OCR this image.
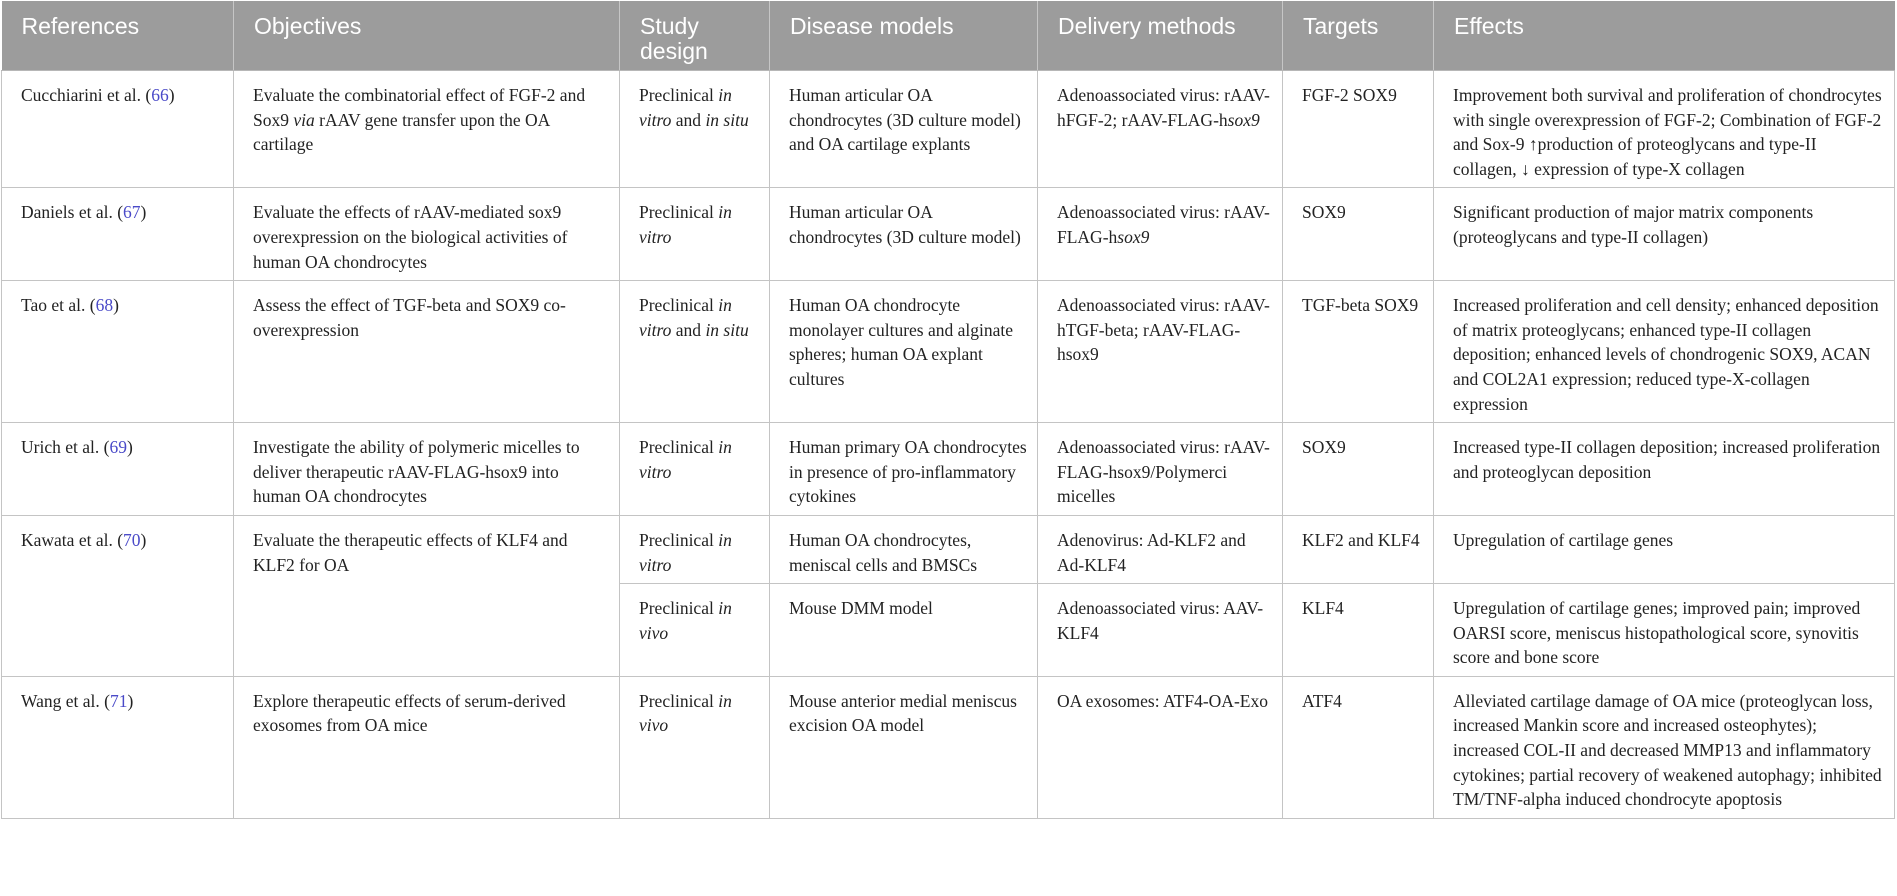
References	Objectives	Study design	Disease models	Delivery methods	Targets	Effects
Cucchiarini et al. (66)	Evaluate the combinatorial effect of FGF-2 and Sox9 via rAAV gene transfer upon the OA cartilage	Preclinical in vitro and in situ	Human articular OA chondrocytes (3D culture model) and OA cartilage explants	Adenoassociated virus: rAAV-hFGF-2; rAAV-FLAG-hsox9	FGF-2 SOX9	Improvement both survival and proliferation of chondrocytes with single overexpression of FGF-2; Combination of FGF-2 and Sox-9 ↑production of proteoglycans and type-II collagen, ↓ expression of type-X collagen
Daniels et al. (67)	Evaluate the effects of rAAV-mediated sox9 overexpression on the biological activities of human OA chondrocytes	Preclinical in vitro	Human articular OA chondrocytes (3D culture model)	Adenoassociated virus: rAAV-FLAG-hsox9	SOX9	Significant production of major matrix components (proteoglycans and type-II collagen)
Tao et al. (68)	Assess the effect of TGF-beta and SOX9 co-overexpression	Preclinical in vitro and in situ	Human OA chondrocyte monolayer cultures and alginate spheres; human OA explant cultures	Adenoassociated virus: rAAV-hTGF-beta; rAAV-FLAG-hsox9	TGF-beta SOX9	Increased proliferation and cell density; enhanced deposition of matrix proteoglycans; enhanced type-II collagen deposition; enhanced levels of chondrogenic SOX9, ACAN and COL2A1 expression; reduced type-X-collagen expression
Urich et al. (69)	Investigate the ability of polymeric micelles to deliver therapeutic rAAV-FLAG-hsox9 into human OA chondrocytes	Preclinical in vitro	Human primary OA chondrocytes in presence of pro-inflammatory cytokines	Adenoassociated virus: rAAV-FLAG-hsox9/Polymerci micelles	SOX9	Increased type-II collagen deposition; increased proliferation and proteoglycan deposition
Kawata et al. (70)	Evaluate the therapeutic effects of KLF4 and KLF2 for OA	Preclinical in vitro	Human OA chondrocytes, meniscal cells and BMSCs	Adenovirus: Ad-KLF2 and Ad-KLF4	KLF2 and KLF4	Upregulation of cartilage genes
		Preclinical in vivo	Mouse DMM model	Adenoassociated virus: AAV-KLF4	KLF4	Upregulation of cartilage genes; improved pain; improved OARSI score, meniscus histopathological score, synovitis score and bone score
Wang et al. (71)	Explore therapeutic effects of serum-derived exosomes from OA mice	Preclinical in vivo	Mouse anterior medial meniscus excision OA model	OA exosomes: ATF4-OA-Exo	ATF4	Alleviated cartilage damage of OA mice (proteoglycan loss, increased Mankin score and increased osteophytes); increased COL-II and decreased MMP13 and inflammatory cytokines; partial recovery of weakened autophagy; inhibited TM/TNF-alpha induced chondrocyte apoptosis
